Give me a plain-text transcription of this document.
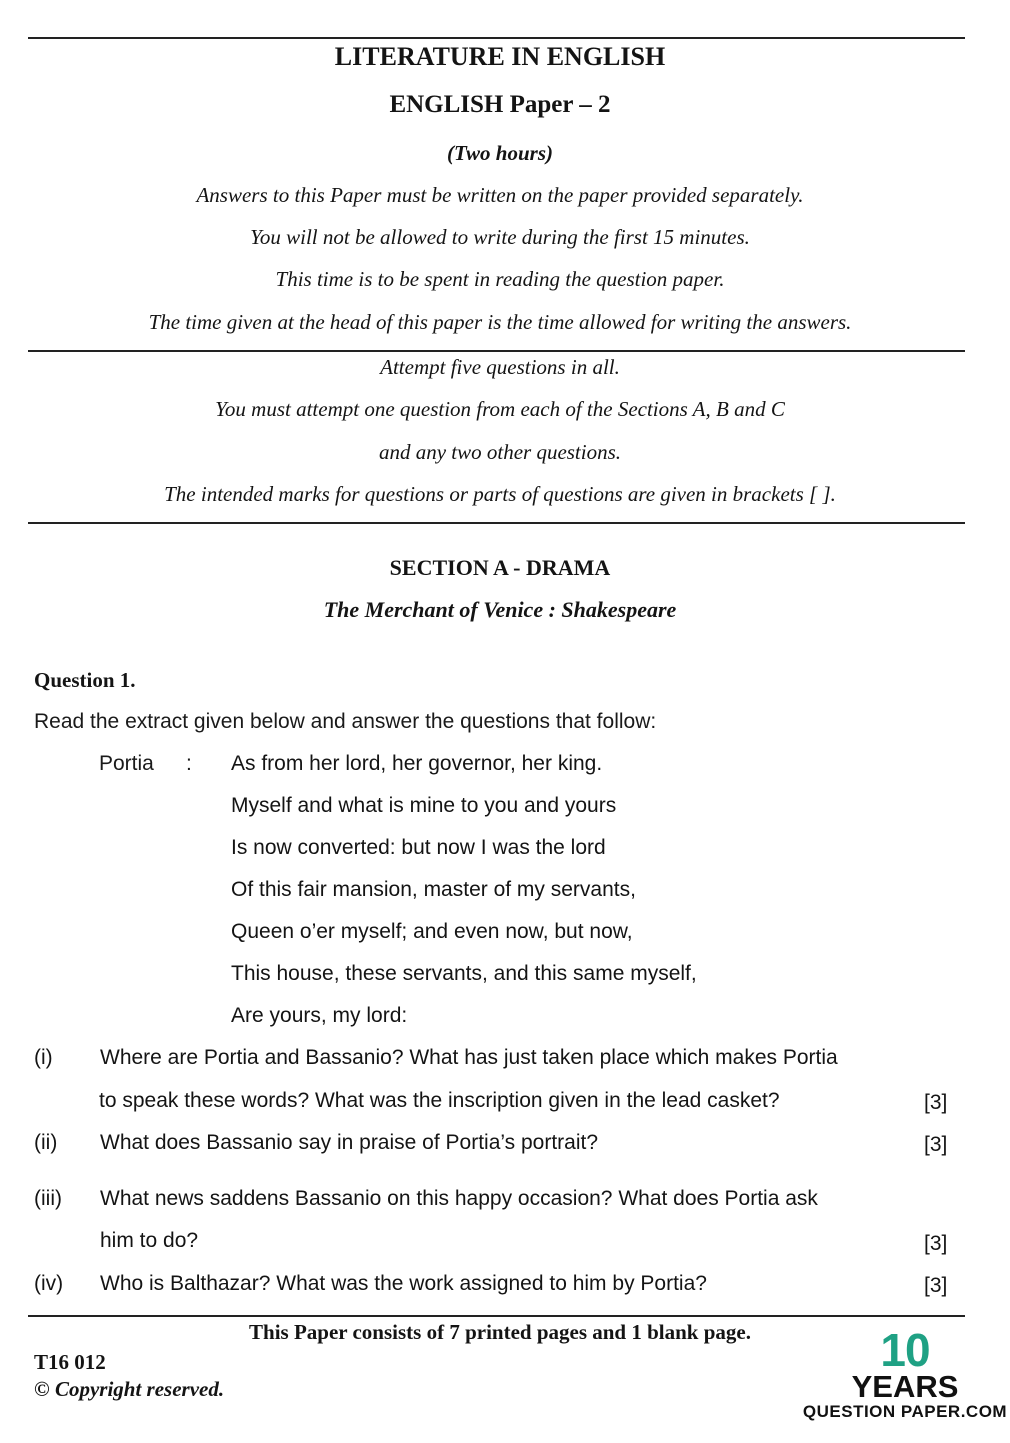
LITERATURE IN ENGLISH
ENGLISH Paper – 2
(Two hours)
Answers to this Paper must be written on the paper provided separately.
You will not be allowed to write during the first 15 minutes.
This time is to be spent in reading the question paper.
The time given at the head of this paper is the time allowed for writing the answers.
Attempt five questions in all.
You must attempt one question from each of the Sections A, B and C
and any two other questions.
The intended marks for questions or parts of questions are given in brackets [ ].
SECTION A - DRAMA
The Merchant of Venice : Shakespeare
Question 1.
Read the extract given below and answer the questions that follow:
Portia : As from her lord, her governor, her king.
Myself and what is mine to you and yours
Is now converted: but now I was the lord
Of this fair mansion, master of my servants,
Queen o’er myself; and even now, but now,
This house, these servants, and this same myself,
Are yours, my lord:
(i) Where are Portia and Bassanio? What has just taken place which makes Portia
to speak these words? What was the inscription given in the lead casket?	[3]
(ii) What does Bassanio say in praise of Portia’s portrait?	[3]
(iii) What news saddens Bassanio on this happy occasion? What does Portia ask
him to do?	[3]
(iv) Who is Balthazar? What was the work assigned to him by Portia?	[3]
This Paper consists of 7 printed pages and 1 blank page.
T16 012
© Copyright reserved.
10
YEARS
QUESTION PAPER.COM
